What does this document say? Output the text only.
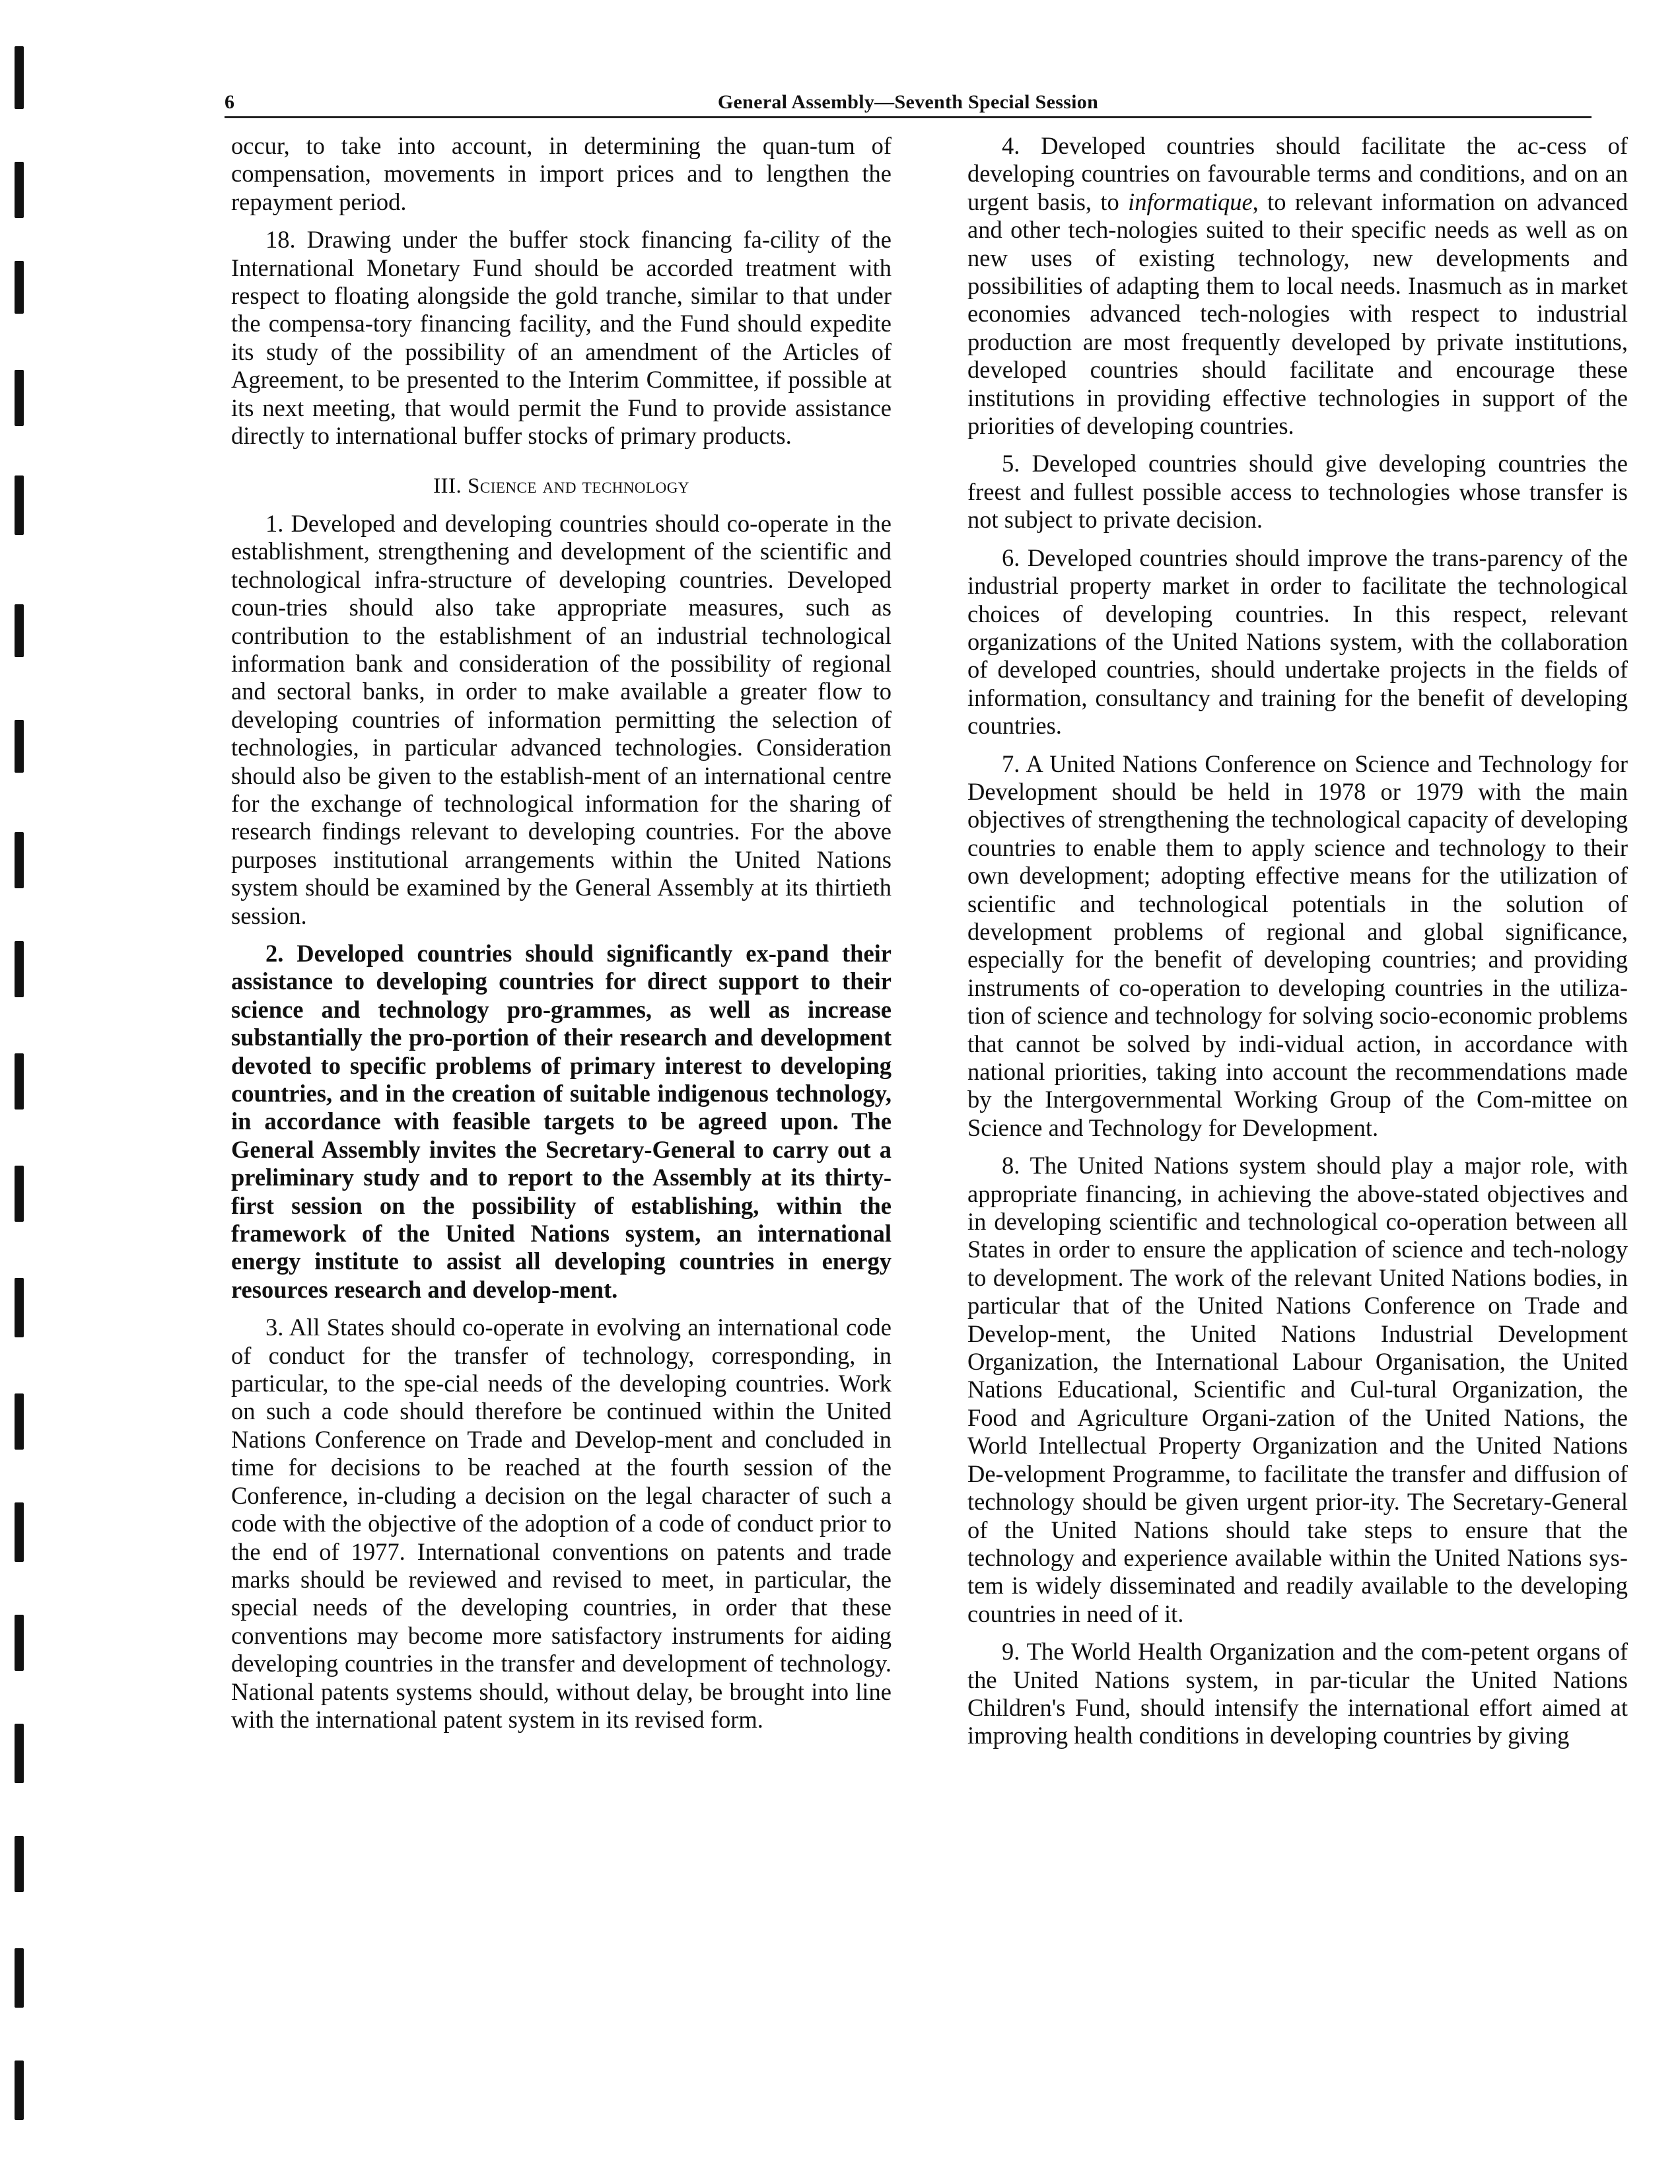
6	General Assembly—Seventh Special Session

occur, to take into account, in determining the quan-tum of compensation, movements in import prices and to lengthen the repayment period.

18. Drawing under the buffer stock financing fa-cility of the International Monetary Fund should be accorded treatment with respect to floating alongside the gold tranche, similar to that under the compensa-tory financing facility, and the Fund should expedite its study of the possibility of an amendment of the Articles of Agreement, to be presented to the Interim Committee, if possible at its next meeting, that would permit the Fund to provide assistance directly to international buffer stocks of primary products.

III. Science and technology

1. Developed and developing countries should co-operate in the establishment, strengthening and development of the scientific and technological infra-structure of developing countries. Developed coun-tries should also take appropriate measures, such as contribution to the establishment of an industrial technological information bank and consideration of the possibility of regional and sectoral banks, in order to make available a greater flow to developing countries of information permitting the selection of technologies, in particular advanced technologies. Consideration should also be given to the establish-ment of an international centre for the exchange of technological information for the sharing of research findings relevant to developing countries. For the above purposes institutional arrangements within the United Nations system should be examined by the General Assembly at its thirtieth session.

2. Developed countries should significantly ex-pand their assistance to developing countries for direct support to their science and technology pro-grammes, as well as increase substantially the pro-portion of their research and development devoted to specific problems of primary interest to developing countries, and in the creation of suitable indigenous technology, in accordance with feasible targets to be agreed upon. The General Assembly invites the Secretary-General to carry out a preliminary study and to report to the Assembly at its thirty-first session on the possibility of establishing, within the framework of the United Nations system, an international energy institute to assist all developing countries in energy resources research and develop-ment.

3. All States should co-operate in evolving an international code of conduct for the transfer of technology, corresponding, in particular, to the spe-cial needs of the developing countries. Work on such a code should therefore be continued within the United Nations Conference on Trade and Develop-ment and concluded in time for decisions to be reached at the fourth session of the Conference, in-cluding a decision on the legal character of such a code with the objective of the adoption of a code of conduct prior to the end of 1977. International conventions on patents and trade marks should be reviewed and revised to meet, in particular, the special needs of the developing countries, in order that these conventions may become more satisfactory instruments for aiding developing countries in the transfer and development of technology. National patents systems should, without delay, be brought into line with the international patent system in its revised form.

4. Developed countries should facilitate the ac-cess of developing countries on favourable terms and conditions, and on an urgent basis, to informatique, to relevant information on advanced and other tech-nologies suited to their specific needs as well as on new uses of existing technology, new developments and possibilities of adapting them to local needs. Inasmuch as in market economies advanced tech-nologies with respect to industrial production are most frequently developed by private institutions, developed countries should facilitate and encourage these institutions in providing effective technologies in support of the priorities of developing countries.

5. Developed countries should give developing countries the freest and fullest possible access to technologies whose transfer is not subject to private decision.

6. Developed countries should improve the trans-parency of the industrial property market in order to facilitate the technological choices of developing countries. In this respect, relevant organizations of the United Nations system, with the collaboration of developed countries, should undertake projects in the fields of information, consultancy and training for the benefit of developing countries.

7. A United Nations Conference on Science and Technology for Development should be held in 1978 or 1979 with the main objectives of strengthening the technological capacity of developing countries to enable them to apply science and technology to their own development; adopting effective means for the utilization of scientific and technological potentials in the solution of development problems of regional and global significance, especially for the benefit of developing countries; and providing instruments of co-operation to developing countries in the utiliza-tion of science and technology for solving socio-economic problems that cannot be solved by indi-vidual action, in accordance with national priorities, taking into account the recommendations made by the Intergovernmental Working Group of the Com-mittee on Science and Technology for Development.

8. The United Nations system should play a major role, with appropriate financing, in achieving the above-stated objectives and in developing scientific and technological co-operation between all States in order to ensure the application of science and tech-nology to development. The work of the relevant United Nations bodies, in particular that of the United Nations Conference on Trade and Develop-ment, the United Nations Industrial Development Organization, the International Labour Organisation, the United Nations Educational, Scientific and Cul-tural Organization, the Food and Agriculture Organi-zation of the United Nations, the World Intellectual Property Organization and the United Nations De-velopment Programme, to facilitate the transfer and diffusion of technology should be given urgent prior-ity. The Secretary-General of the United Nations should take steps to ensure that the technology and experience available within the United Nations sys-tem is widely disseminated and readily available to the developing countries in need of it.

9. The World Health Organization and the com-petent organs of the United Nations system, in par-ticular the United Nations Children's Fund, should intensify the international effort aimed at improving health conditions in developing countries by giving
